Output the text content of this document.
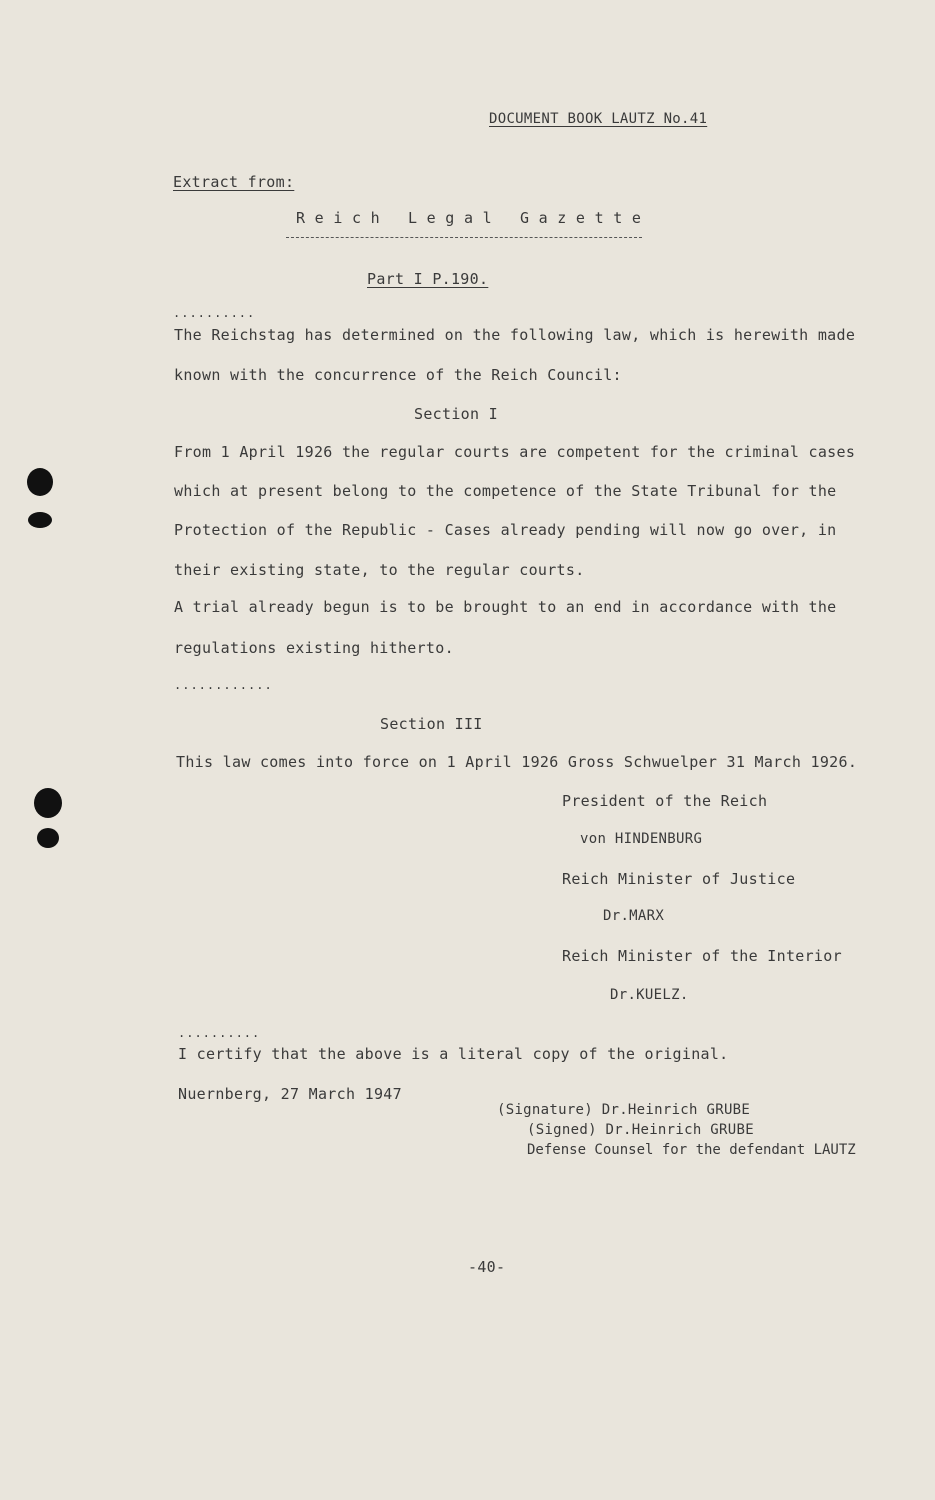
DOCUMENT BOOK LAUTZ No.41
Extract from:
R e i c h   L e g a l   G a z e t t e
Part I P.190.
..........
The Reichstag has determined on the following law, which is herewith made
known with the concurrence of the Reich Council:
Section I
From 1 April 1926 the regular courts are competent for the criminal cases
which at present belong to the competence of the State Tribunal for the
Protection of the Republic - Cases already pending will now go over, in
their existing state, to the regular courts.
A trial already begun is to be brought to an end in accordance with the
regulations existing hitherto.
............
Section III
This law comes into force on 1 April 1926 Gross Schwuelper 31 March 1926.
President of the Reich
von HINDENBURG
Reich Minister of Justice
Dr.MARX
Reich Minister of the Interior
Dr.KUELZ.
..........
I certify that the above is a literal copy of the original.
Nuernberg, 27 March 1947
(Signature) Dr.Heinrich GRUBE
(Signed) Dr.Heinrich GRUBE
Defense Counsel for the defendant LAUTZ
-40-
